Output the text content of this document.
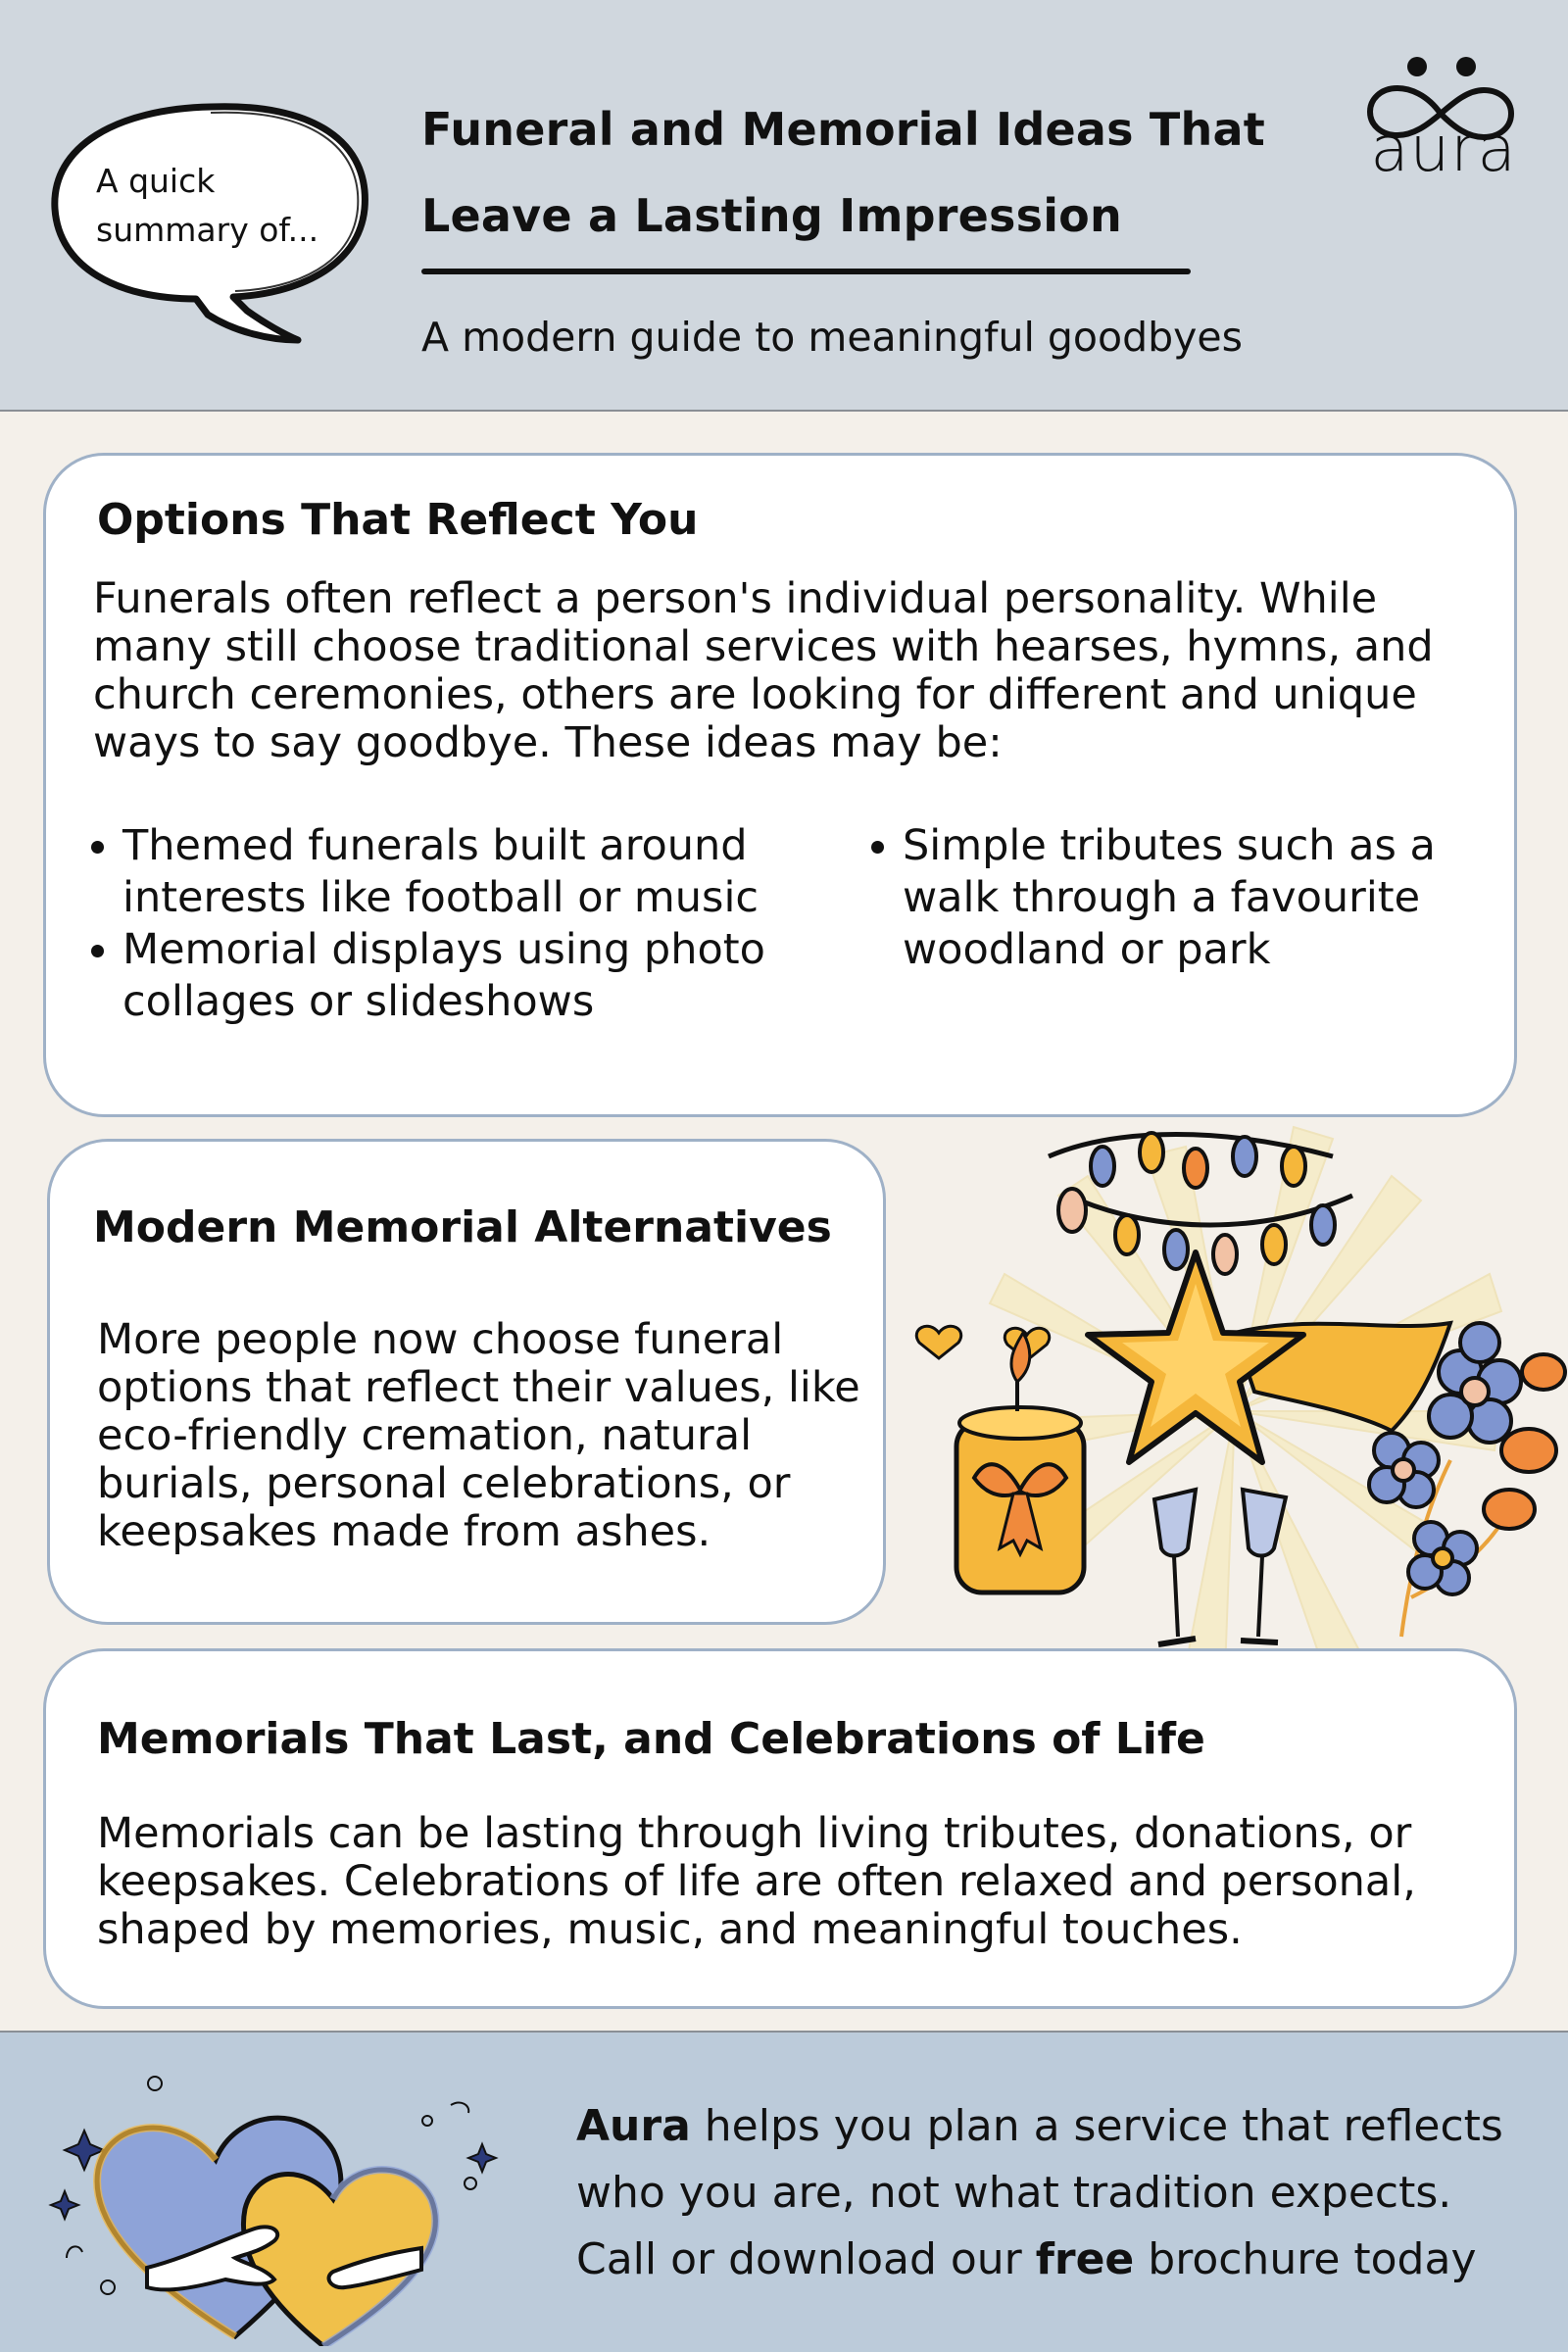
A quick summary of...
Funeral and Memorial Ideas That Leave a Lasting Impression
A modern guide to meaningful goodbyes
aura
Options That Reflect You

Funerals often reflect a person's individual personality. While many still choose traditional services with hearses, hymns, and church ceremonies, others are looking for different and unique ways to say goodbye. These ideas may be:

Themed funerals built around interests like football or music
Memorial displays using photo collages or slideshows
Simple tributes such as a walk through a favourite woodland or park
Modern Memorial Alternatives

More people now choose funeral options that reflect their values, like eco-friendly cremation, natural burials, personal celebrations, or keepsakes made from ashes.

Memorials That Last, and Celebrations of Life

Memorials can be lasting through living tributes, donations, or keepsakes. Celebrations of life are often relaxed and personal, shaped by memories, music, and meaningful touches.

Aura helps you plan a service that reflects
who you are, not what tradition expects.
Call or download our free brochure today
